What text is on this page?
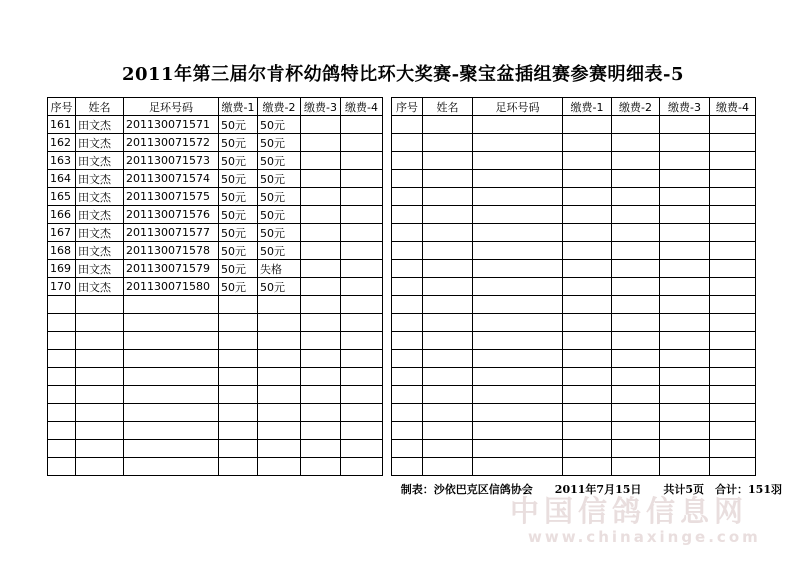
2011年第三届尔肯杯幼鸽特比环大奖赛-聚宝盆插组赛参赛明细表-5
序号	姓名	足环号码	缴费-1	缴费-2	缴费-3	缴费-4
161	田文杰	201130071571	50元	50元		
162	田文杰	201130071572	50元	50元		
163	田文杰	201130071573	50元	50元		
164	田文杰	201130071574	50元	50元		
165	田文杰	201130071575	50元	50元		
166	田文杰	201130071576	50元	50元		
167	田文杰	201130071577	50元	50元		
168	田文杰	201130071578	50元	50元		
169	田文杰	201130071579	50元	失格		
170	田文杰	201130071580	50元	50元		

序号	姓名	足环号码	缴费-1	缴费-2	缴费-3	缴费-4

制表：沙依巴克区信鸽协会　　2011年7月15日　　共计5页　合计：151羽
中国信鸽信息网
www.chinaxinge.com
